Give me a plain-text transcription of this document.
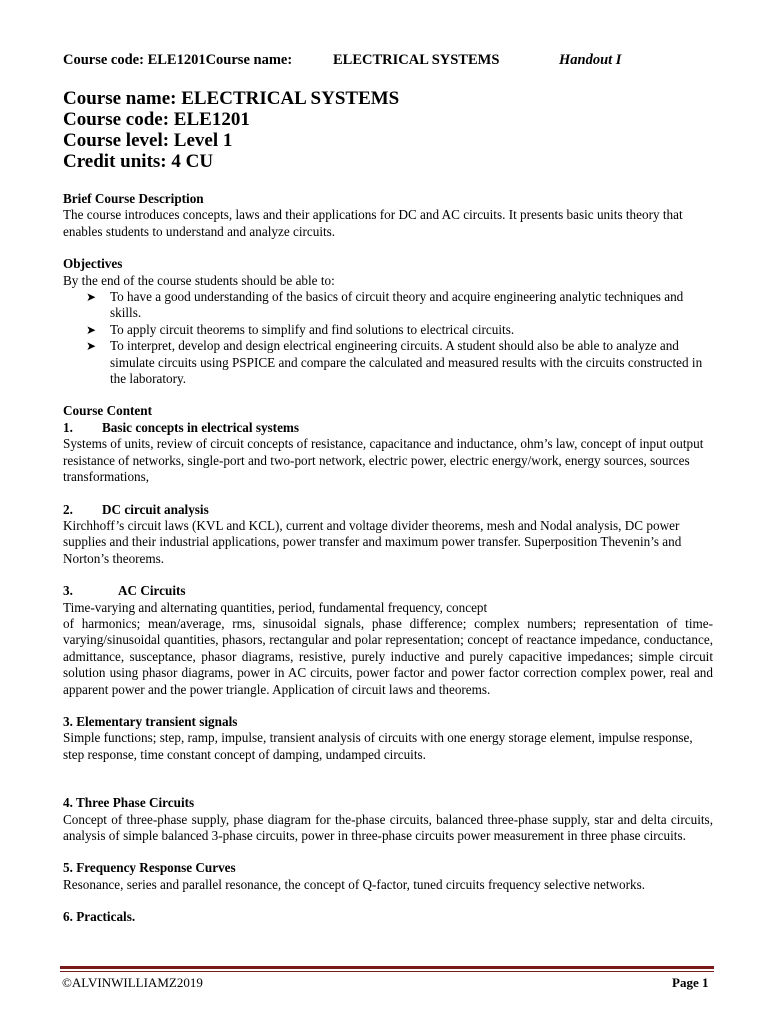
Course code: ELE1201Course name:	ELECTRICAL SYSTEMS	Handout I
Course name: ELECTRICAL SYSTEMS
Course code: ELE1201
Course level: Level 1
Credit units: 4 CU

Brief Course Description

The course introduces concepts, laws and their applications for DC and AC circuits. It presents basic units theory that enables students to understand and analyze circuits.

Objectives

By the end of the course students should be able to:

➤ To have a good understanding of the basics of circuit theory and acquire engineering analytic techniques and skills.
➤ To apply circuit theorems to simplify and find solutions to electrical circuits.
➤ To interpret, develop and design electrical engineering circuits. A student should also be able to analyze and simulate circuits using PSPICE and compare the calculated and measured results with the circuits constructed in the laboratory.

Course Content

1. Basic concepts in electrical systems

Systems of units, review of circuit concepts of resistance, capacitance and inductance, ohm’s law, concept of input output resistance of networks, single-port and two-port network, electric power, electric energy/work, energy sources, sources transformations,

2. DC circuit analysis

Kirchhoff’s circuit laws (KVL and KCL), current and voltage divider theorems, mesh and Nodal analysis, DC power supplies and their industrial applications, power transfer and maximum power transfer. Superposition Thevenin’s and Norton’s theorems.

3.	AC Circuits

Time-varying and alternating quantities, period, fundamental frequency, concept

of harmonics; mean/average, rms, sinusoidal signals, phase difference; complex numbers; representation of time-varying/sinusoidal quantities, phasors, rectangular and polar representation; concept of reactance impedance, conductance, admittance, susceptance, phasor diagrams, resistive, purely inductive and purely capacitive impedances; simple circuit solution using phasor diagrams, power in AC circuits, power factor and power factor correction complex power, real and apparent power and the power triangle. Application of circuit laws and theorems.

3. Elementary transient signals

Simple functions; step, ramp, impulse, transient analysis of circuits with one energy storage element, impulse response, step response, time constant concept of damping, undamped circuits.

4. Three Phase Circuits

Concept of three-phase supply, phase diagram for the-phase circuits, balanced three-phase supply, star and delta circuits, analysis of simple balanced 3-phase circuits, power in three-phase circuits power measurement in three phase circuits.

5. Frequency Response Curves

Resonance, series and parallel resonance, the concept of Q-factor, tuned circuits frequency selective networks.

6. Practicals.

©ALVINWILLIAMZ2019	Page 1
